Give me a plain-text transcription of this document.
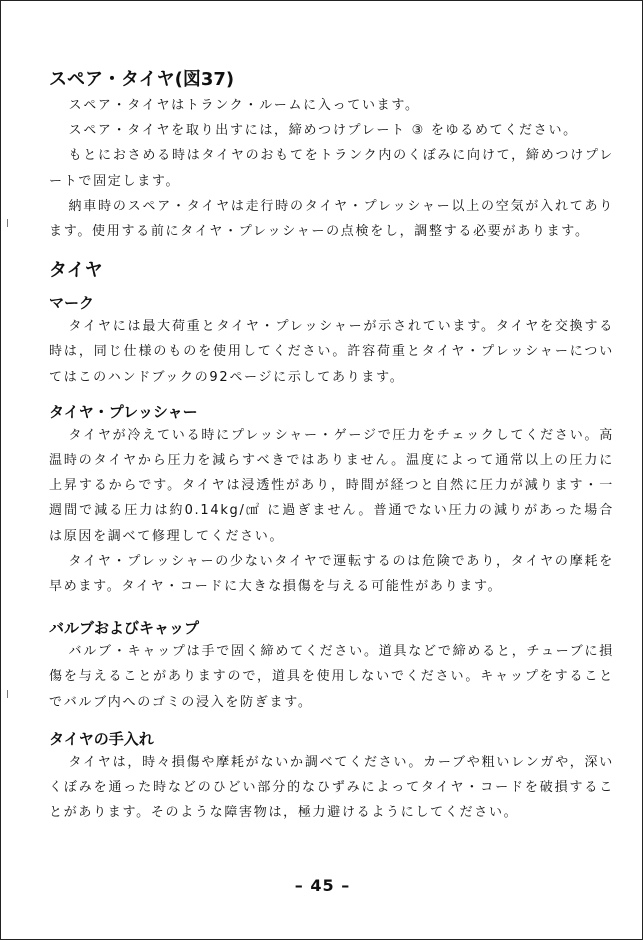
スペア・タイヤ(図37)

スペア・タイヤはトランク・ルームに入っています。

スペア・タイヤを取り出すには，締めつけプレート ③ をゆるめてください。

もとにおさめる時はタイヤのおもてをトランク内のくぼみに向けて，締めつけプレートで固定します。

納車時のスペア・タイヤは走行時のタイヤ・プレッシャー以上の空気が入れてあります。使用する前にタイヤ・プレッシャーの点検をし，調整する必要があります。

タイヤ
マーク

タイヤには最大荷重とタイヤ・プレッシャーが示されています。タイヤを交換する時は，同じ仕様のものを使用してください。許容荷重とタイヤ・プレッシャーについてはこのハンドブックの92ページに示してあります。

タイヤ・プレッシャー

タイヤが冷えている時にプレッシャー・ゲージで圧力をチェックしてください。高温時のタイヤから圧力を減らすべきではありません。温度によって通常以上の圧力に上昇するからです。タイヤは浸透性があり，時間が経つと自然に圧力が減ります・一週間で減る圧力は約0.14kg/㎠ に過ぎません。普通でない圧力の減りがあった場合は原因を調べて修理してください。

タイヤ・プレッシャーの少ないタイヤで運転するのは危険であり，タイヤの摩耗を早めます。タイヤ・コードに大きな損傷を与える可能性があります。

バルブおよびキャップ

バルブ・キャップは手で固く締めてください。道具などで締めると，チューブに損傷を与えることがありますので，道具を使用しないでください。キャップをすることでバルブ内へのゴミの浸入を防ぎます。

タイヤの手入れ

タイヤは，時々損傷や摩耗がないか調べてください。カーブや粗いレンガや，深いくぼみを通った時などのひどい部分的なひずみによってタイヤ・コードを破損することがあります。そのような障害物は，極力避けるようにしてください。

– 45 –
